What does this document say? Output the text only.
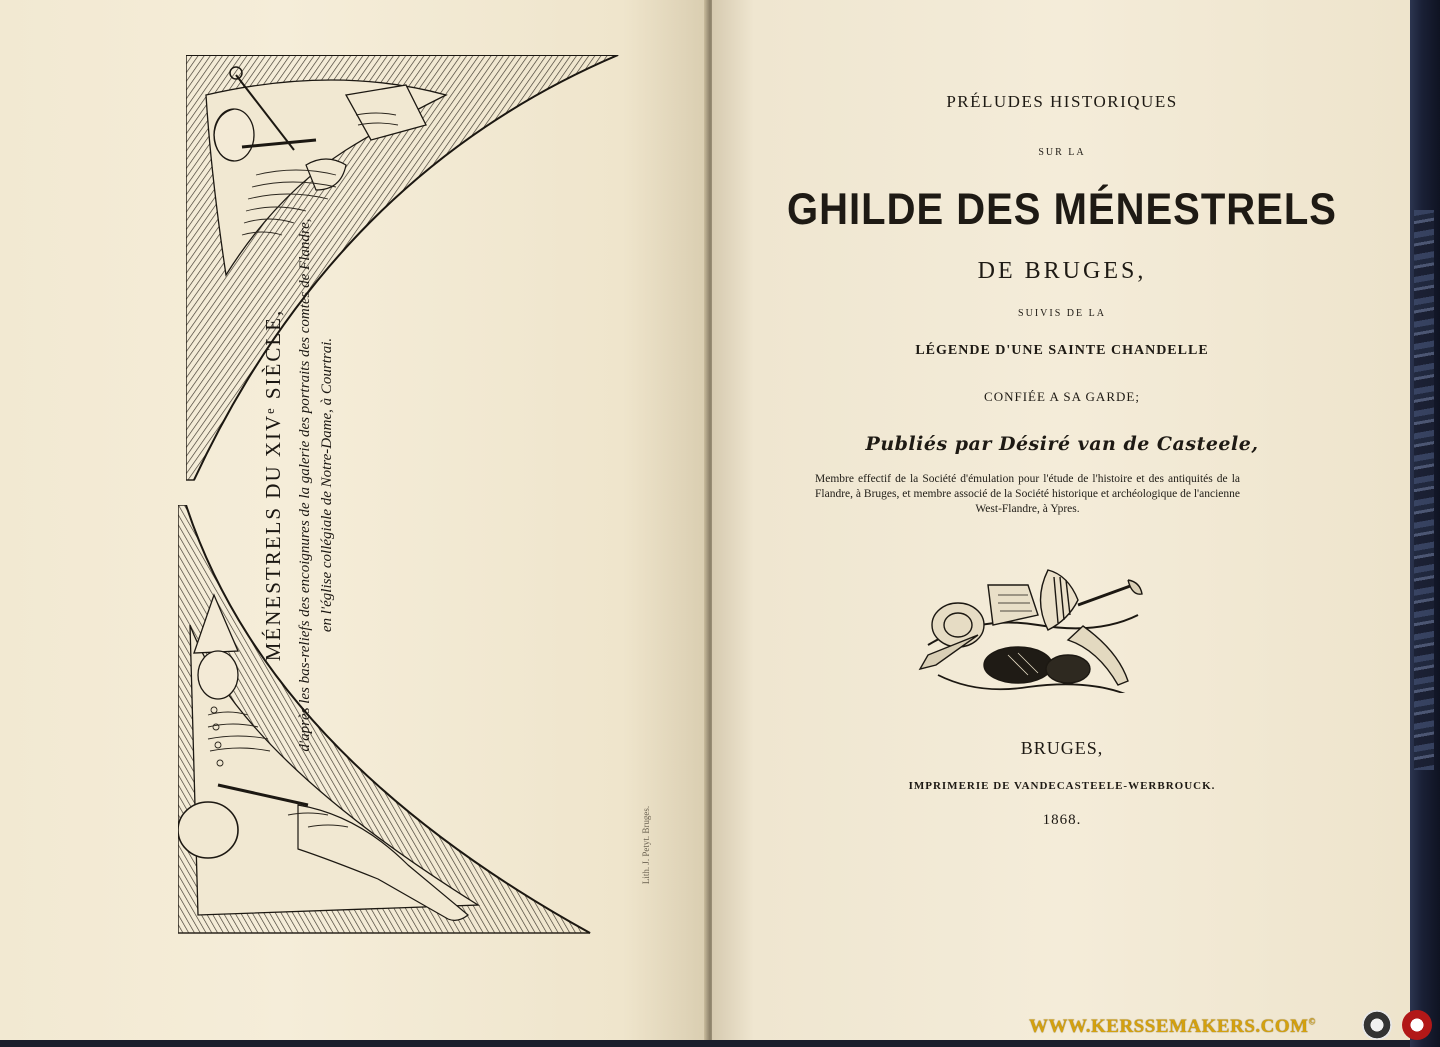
MÉNESTRELS DU XIVᵉ SIÈCLE, d'après les bas-reliefs des encoignures de la galerie des portraits des comtes de Flandre, en l'église collégiale de Notre-Dame, à Courtrai.

Lith. J. Petyt. Bruges.

PRÉLUDES HISTORIQUES

SUR LA

GHILDE DES MÉNESTRELS

DE BRUGES,

SUIVIS DE LA

LÉGENDE D'UNE SAINTE CHANDELLE

CONFIÉE A SA GARDE;

Publiés par Désiré van de Casteele,

Membre effectif de la Société d'émulation pour l'étude de l'histoire et des antiquités de la Flandre, à Bruges, et membre associé de la Société historique et archéologique de l'ancienne West-Flandre, à Ypres.

BRUGES,

IMPRIMERIE DE VANDECASTEELE-WERBROUCK.

1868.

WWW.KERSSEMAKERS.COM©
